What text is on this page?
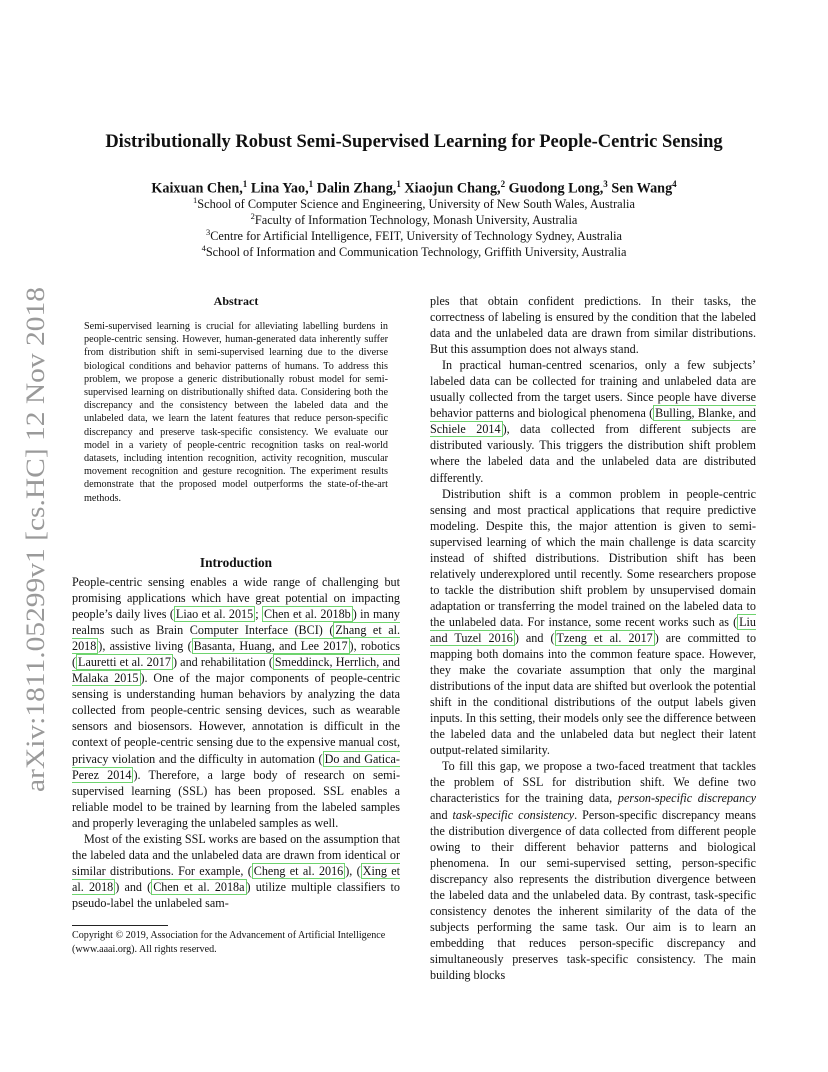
Distributionally Robust Semi-Supervised Learning for People-Centric Sensing
Kaixuan Chen,$^1$ Lina Yao,$^1$ Dalin Zhang,$^1$ Xiaojun Chang,$^2$ Guodong Long,$^3$ Sen Wang$^4$
$^1$School of Computer Science and Engineering, University of New South Wales, Australia
$^2$Faculty of Information Technology, Monash University, Australia
$^3$Centre for Artificial Intelligence, FEIT, University of Technology Sydney, Australia
$^4$School of Information and Communication Technology, Griffith University, Australia
arXiv:1811.05299v1 [cs.HC] 12 Nov 2018
Abstract
Semi-supervised learning is crucial for alleviating labelling burdens in people-centric sensing. However, human-generated data inherently suffer from distribution shift in semi-supervised learning due to the diverse biological conditions and behavior patterns of humans. To address this problem, we propose a generic distributionally robust model for semi-supervised learning on distributionally shifted data. Considering both the discrepancy and the consistency between the labeled data and the unlabeled data, we learn the latent features that reduce person-specific discrepancy and preserve task-specific consistency. We evaluate our model in a variety of people-centric recognition tasks on real-world datasets, including intention recognition, activity recognition, muscular movement recognition and gesture recognition. The experiment results demonstrate that the proposed model outperforms the state-of-the-art methods.
Introduction

People-centric sensing enables a wide range of challenging but promising applications which have great potential on impacting people’s daily lives ( Liao et al. 2015 ; Chen et al. 2018b ) in many realms such as Brain Computer Interface (BCI) ( Zhang et al. 2018 ), assistive living ( Basanta, Huang, and Lee 2017 ), robotics ( Lauretti et al. 2017 ) and rehabilitation ( Smeddinck, Herrlich, and Malaka 2015 ). One of the major components of people-centric sensing is understanding human behaviors by analyzing the data collected from people-centric sensing devices, such as wearable sensors and biosensors. However, annotation is difficult in the context of people-centric sensing due to the expensive manual cost, privacy violation and the difficulty in automation ( Do and Gatica-Perez 2014 ). Therefore, a large body of research on semi-supervised learning (SSL) has been proposed. SSL enables a reliable model to be trained by learning from the labeled samples and properly leveraging the unlabeled samples as well.

Most of the existing SSL works are based on the assumption that the labeled data and the unlabeled data are drawn from identical or similar distributions. For example, ( Cheng et al. 2016 ), ( Xing et al. 2018 ) and ( Chen et al. 2018a ) utilize multiple classifiers to pseudo-label the unlabeled sam-

ples that obtain confident predictions. In their tasks, the correctness of labeling is ensured by the condition that the labeled data and the unlabeled data are drawn from similar distributions. But this assumption does not always stand.

In practical human-centred scenarios, only a few subjects’ labeled data can be collected for training and unlabeled data are usually collected from the target users. Since people have diverse behavior patterns and biological phenomena ( Bulling, Blanke, and Schiele 2014 ), data collected from different subjects are distributed variously. This triggers the distribution shift problem where the labeled data and the unlabeled data are distributed differently.

Distribution shift is a common problem in people-centric sensing and most practical applications that require predictive modeling. Despite this, the major attention is given to semi-supervised learning of which the main challenge is data scarcity instead of shifted distributions. Distribution shift has been relatively underexplored until recently. Some researchers propose to tackle the distribution shift problem by unsupervised domain adaptation or transferring the model trained on the labeled data to the unlabeled data. For instance, some recent works such as ( Liu and Tuzel 2016 ) and ( Tzeng et al. 2017 ) are committed to mapping both domains into the common feature space. However, they make the covariate assumption that only the marginal distributions of the input data are shifted but overlook the potential shift in the conditional distributions of the output labels given inputs. In this setting, their models only see the difference between the labeled data and the unlabeled data but neglect their latent output-related similarity.

To fill this gap, we propose a two-faced treatment that tackles the problem of SSL for distribution shift. We define two characteristics for the training data, person-specific discrepancy and task-specific consistency. Person-specific discrepancy means the distribution divergence of data collected from different people owing to their different behavior patterns and biological phenomena. In our semi-supervised setting, person-specific discrepancy also represents the distribution divergence between the labeled data and the unlabeled data. By contrast, task-specific consistency denotes the inherent similarity of the data of the subjects performing the same task. Our aim is to learn an embedding that reduces person-specific discrepancy and simultaneously preserves task-specific consistency. The main building blocks

Copyright © 2019, Association for the Advancement of Artificial Intelligence (www.aaai.org). All rights reserved.
